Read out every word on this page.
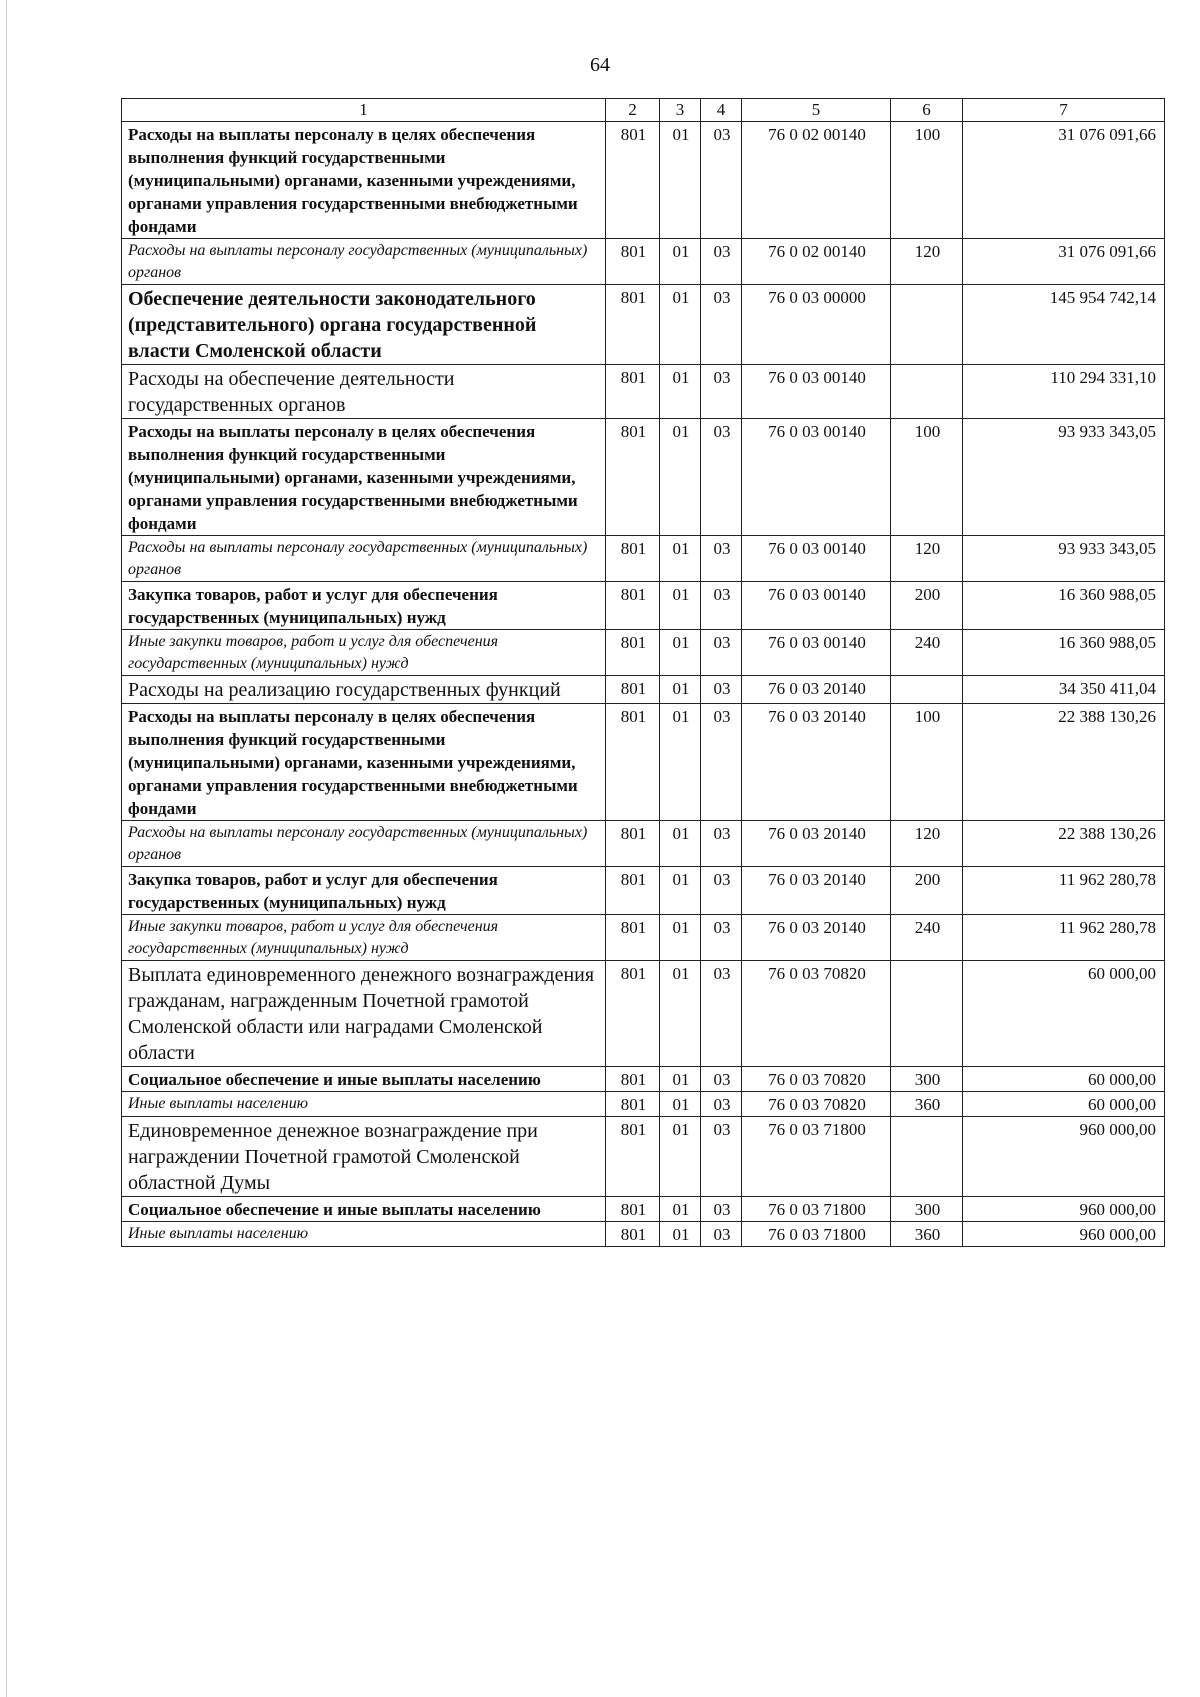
64
1	2	3	4	5	6	7
Расходы на выплаты персоналу в целях обеспечения выполнения функций государственными (муниципальными) органами, казенными учреждениями, органами управления государственными внебюджетными фондами	801	01	03	76 0 02 00140	100	31 076 091,66
Расходы на выплаты персоналу государственных (муниципальных) органов	801	01	03	76 0 02 00140	120	31 076 091,66
Обеспечение деятельности законодательного (представительного) органа государственной власти Смоленской области	801	01	03	76 0 03 00000		145 954 742,14
Расходы на обеспечение деятельности государственных органов	801	01	03	76 0 03 00140		110 294 331,10
Расходы на выплаты персоналу в целях обеспечения выполнения функций государственными (муниципальными) органами, казенными учреждениями, органами управления государственными внебюджетными фондами	801	01	03	76 0 03 00140	100	93 933 343,05
Расходы на выплаты персоналу государственных (муниципальных) органов	801	01	03	76 0 03 00140	120	93 933 343,05
Закупка товаров, работ и услуг для обеспечения государственных (муниципальных) нужд	801	01	03	76 0 03 00140	200	16 360 988,05
Иные закупки товаров, работ и услуг для обеспечения государственных (муниципальных) нужд	801	01	03	76 0 03 00140	240	16 360 988,05
Расходы на реализацию государственных функций	801	01	03	76 0 03 20140		34 350 411,04
Расходы на выплаты персоналу в целях обеспечения выполнения функций государственными (муниципальными) органами, казенными учреждениями, органами управления государственными внебюджетными фондами	801	01	03	76 0 03 20140	100	22 388 130,26
Расходы на выплаты персоналу государственных (муниципальных) органов	801	01	03	76 0 03 20140	120	22 388 130,26
Закупка товаров, работ и услуг для обеспечения государственных (муниципальных) нужд	801	01	03	76 0 03 20140	200	11 962 280,78
Иные закупки товаров, работ и услуг для обеспечения государственных (муниципальных) нужд	801	01	03	76 0 03 20140	240	11 962 280,78
Выплата единовременного денежного вознаграждения гражданам, награжденным Почетной грамотой Смоленской области или наградами Смоленской области	801	01	03	76 0 03 70820		60 000,00
Социальное обеспечение и иные выплаты населению	801	01	03	76 0 03 70820	300	60 000,00
Иные выплаты населению	801	01	03	76 0 03 70820	360	60 000,00
Единовременное денежное вознаграждение при награждении Почетной грамотой Смоленской областной Думы	801	01	03	76 0 03 71800		960 000,00
Социальное обеспечение и иные выплаты населению	801	01	03	76 0 03 71800	300	960 000,00
Иные выплаты населению	801	01	03	76 0 03 71800	360	960 000,00
